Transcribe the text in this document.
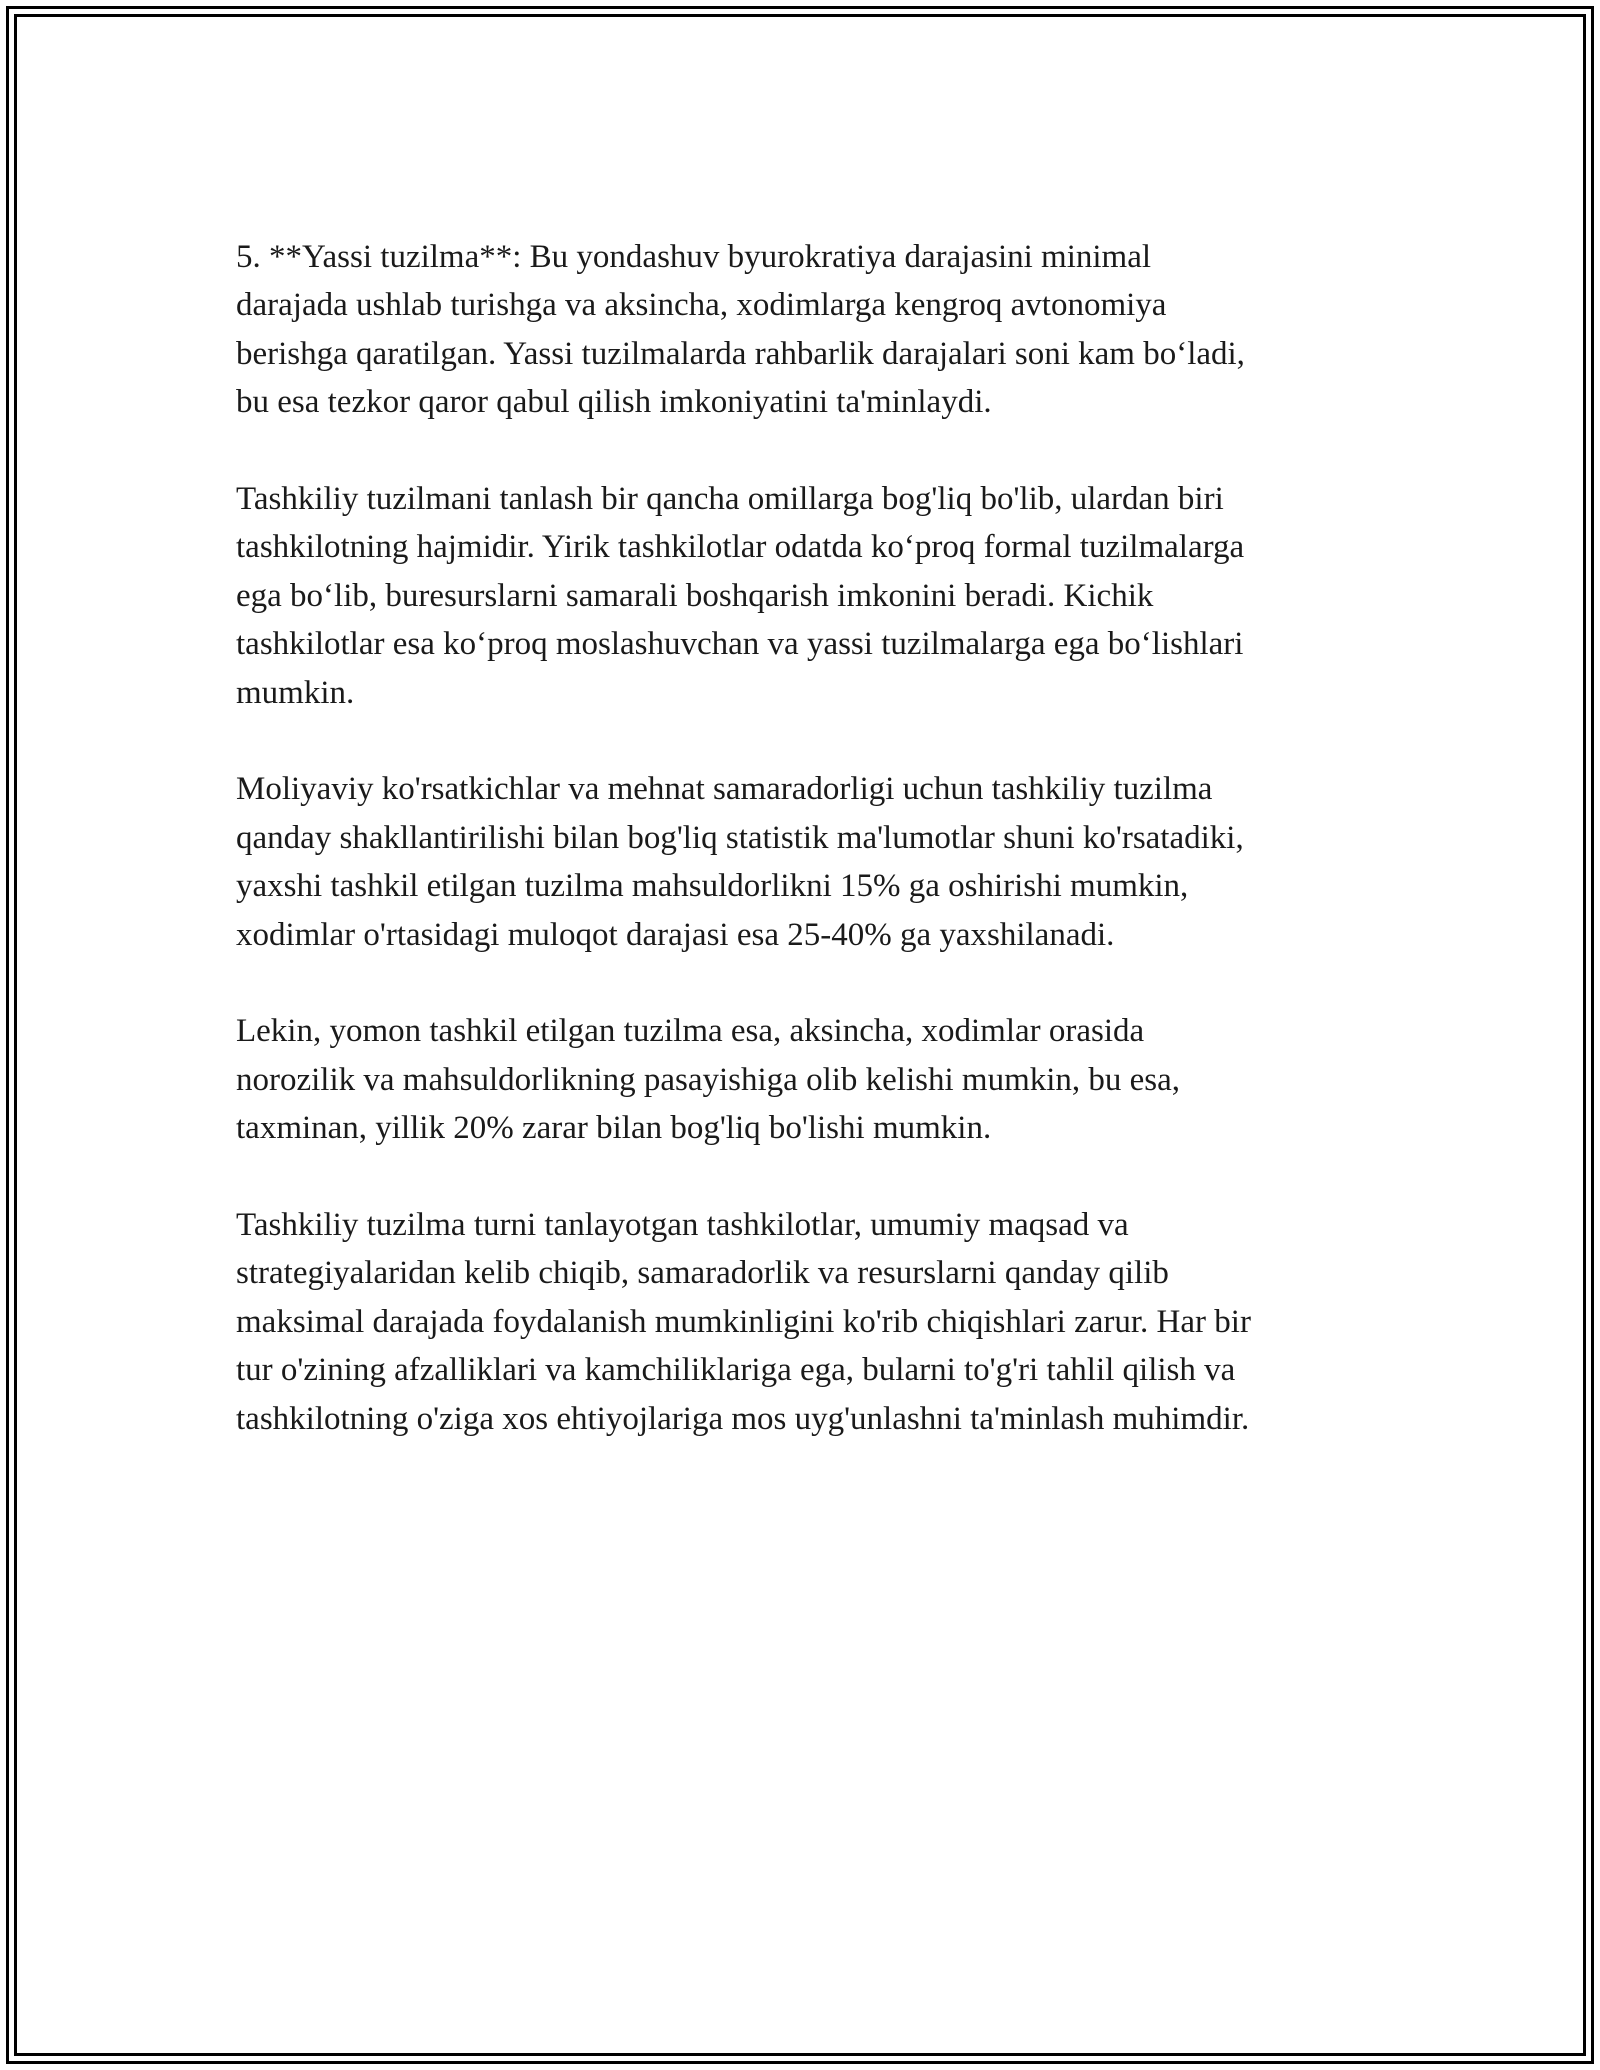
5. **Yassi tuzilma**: Bu yondashuv byurokratiya darajasini minimal
darajada ushlab turishga va aksincha, xodimlarga kengroq avtonomiya
berishga qaratilgan. Yassi tuzilmalarda rahbarlik darajalari soni kam bo‘ladi,
bu esa tezkor qaror qabul qilish imkoniyatini ta'minlaydi.

Tashkiliy tuzilmani tanlash bir qancha omillarga bog'liq bo'lib, ulardan biri
tashkilotning hajmidir. Yirik tashkilotlar odatda ko‘proq formal tuzilmalarga
ega bo‘lib, buresurslarni samarali boshqarish imkonini beradi. Kichik
tashkilotlar esa ko‘proq moslashuvchan va yassi tuzilmalarga ega bo‘lishlari
mumkin.

Moliyaviy ko'rsatkichlar va mehnat samaradorligi uchun tashkiliy tuzilma
qanday shakllantirilishi bilan bog'liq statistik ma'lumotlar shuni ko'rsatadiki,
yaxshi tashkil etilgan tuzilma mahsuldorlikni 15% ga oshirishi mumkin,
xodimlar o'rtasidagi muloqot darajasi esa 25-40% ga yaxshilanadi.

Lekin, yomon tashkil etilgan tuzilma esa, aksincha, xodimlar orasida
norozilik va mahsuldorlikning pasayishiga olib kelishi mumkin, bu esa,
taxminan, yillik 20% zarar bilan bog'liq bo'lishi mumkin.

Tashkiliy tuzilma turni tanlayotgan tashkilotlar, umumiy maqsad va
strategiyalaridan kelib chiqib, samaradorlik va resurslarni qanday qilib
maksimal darajada foydalanish mumkinligini ko'rib chiqishlari zarur. Har bir
tur o'zining afzalliklari va kamchiliklariga ega, bularni to'g'ri tahlil qilish va
tashkilotning o'ziga xos ehtiyojlariga mos uyg'unlashni ta'minlash muhimdir.
